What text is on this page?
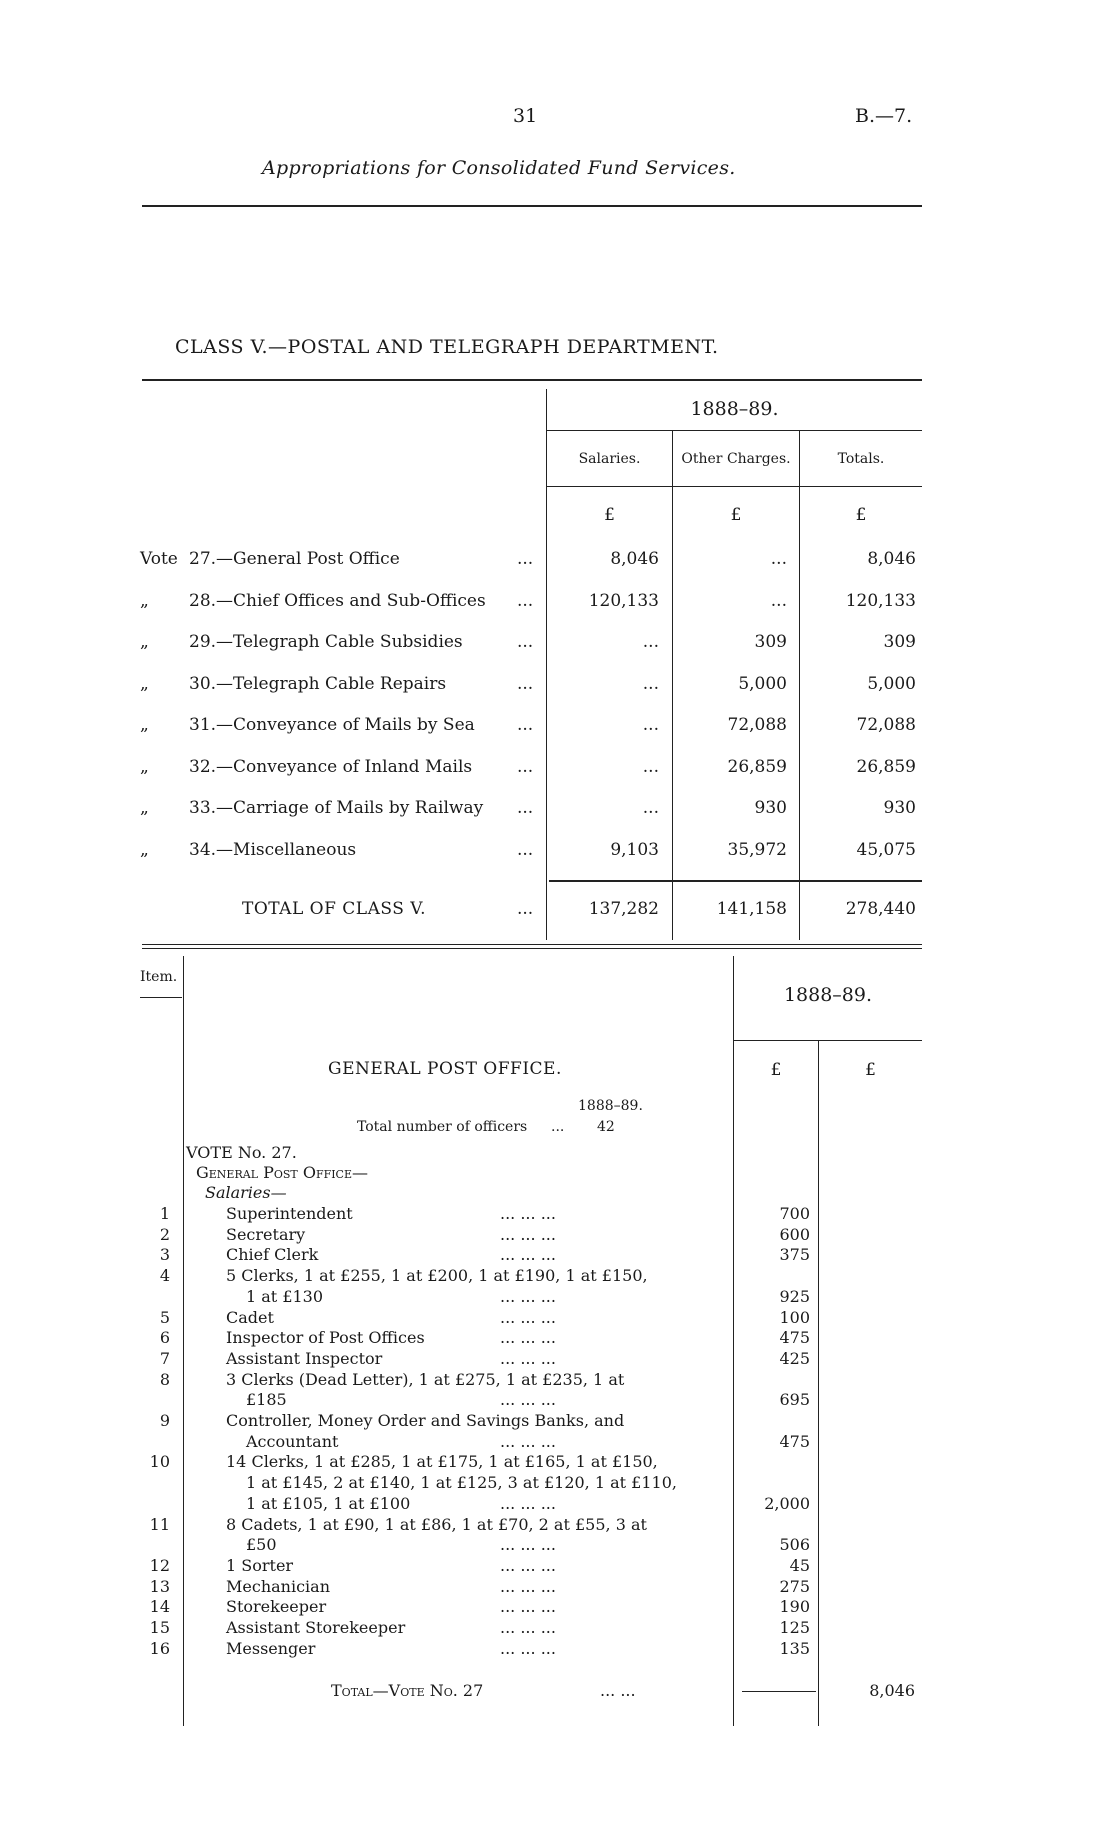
31	B.—7.
Appropriations for Consolidated Fund Services.
CLASS V.—POSTAL AND TELEGRAPH DEPARTMENT.
1888–89.
Salaries.	Other Charges.	Totals.
£	£	£
Vote 27.—General Post Office	...	8,046	...	8,046
„ 28.—Chief Offices and Sub-Offices ...	120,133	...	120,133
„ 29.—Telegraph Cable Subsidies	...	...	309	309
„ 30.—Telegraph Cable Repairs	...	...	5,000	5,000
„ 31.—Conveyance of Mails by Sea ...	...	72,088	72,088
„ 32.—Conveyance of Inland Mails	...	...	26,859	26,859
„ 33.—Carriage of Mails by Railway ...	...	930	930
„ 34.—Miscellaneous	...	9,103	35,972	45,075
TOTAL OF CLASS V.	...	137,282	141,158	278,440
Item.
1888–89.
GENERAL POST OFFICE.	£	£
1888–89.
Total number of officers ... 42
VOTE No. 27.
General Post Office—
Salaries—
1	Superintendent	... ... ...	700
2	Secretary	... ... ...	600
3	Chief Clerk	... ... ...	375
4	5 Clerks, 1 at £255, 1 at £200, 1 at £190, 1 at £150,
1 at £130	... ... ...	925
5	Cadet	... ... ...	100
6	Inspector of Post Offices	... ... ...	475
7	Assistant Inspector	... ... ...	425
8	3 Clerks (Dead Letter), 1 at £275, 1 at £235, 1 at
£185	... ... ...	695
9	Controller, Money Order and Savings Banks, and
Accountant	... ... ...	475
10	14 Clerks, 1 at £285, 1 at £175, 1 at £165, 1 at £150,
1 at £145, 2 at £140, 1 at £125, 3 at £120, 1 at £110,
1 at £105, 1 at £100	... ... ...	2,000
11	8 Cadets, 1 at £90, 1 at £86, 1 at £70, 2 at £55, 3 at
£50	... ... ...	506
12	1 Sorter	... ... ...	45
13	Mechanician	... ... ...	275
14	Storekeeper	... ... ...	190
15	Assistant Storekeeper	... ... ...	125
16	Messenger	... ... ...	135
Total—Vote No. 27	... ...	8,046
